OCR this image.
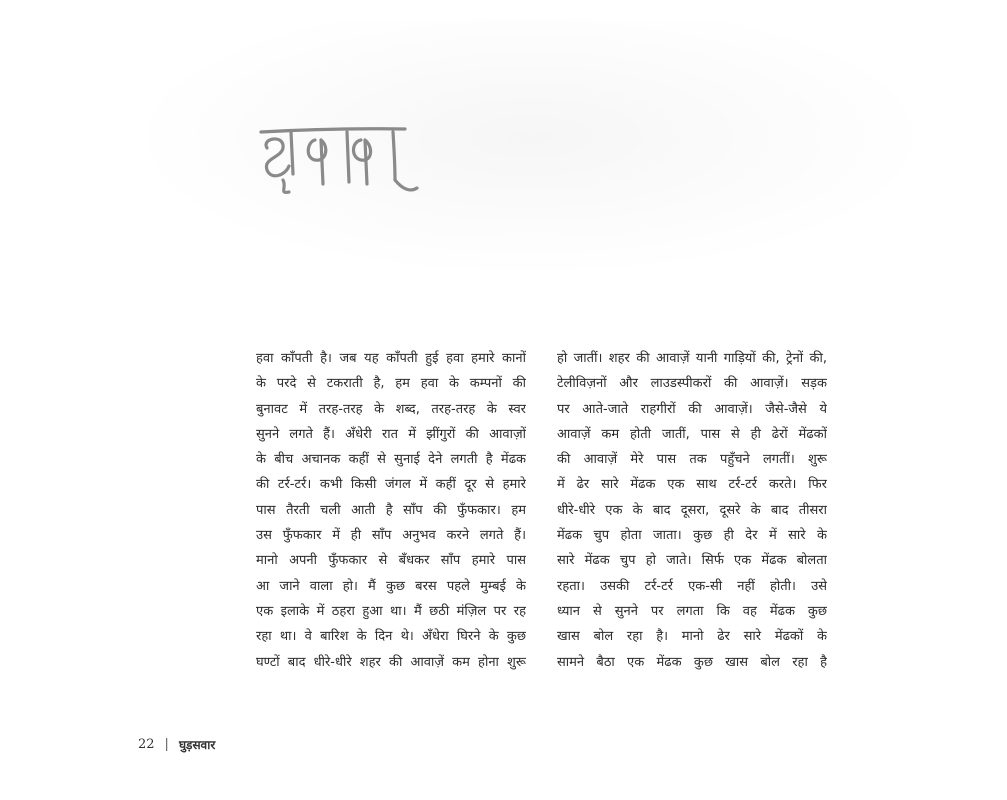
हवा काँपती है। जब यह काँपती हुई हवा हमारे कानों
के परदे से टकराती है, हम हवा के कम्पनों की
बुनावट में तरह-तरह के शब्द, तरह-तरह के स्वर
सुनने लगते हैं। अँधेरी रात में झींगुरों की आवाज़ों
के बीच अचानक कहीं से सुनाई देने लगती है मेंढक
की टर्र-टर्र। कभी किसी जंगल में कहीं दूर से हमारे
पास तैरती चली आती है साँप की फुँफकार। हम
उस फुँफकार में ही साँप अनुभव करने लगते हैं।
मानो अपनी फुँफकार से बँधकर साँप हमारे पास
आ जाने वाला हो। मैं कुछ बरस पहले मुम्बई के
एक इलाके में ठहरा हुआ था। मैं छठी मंज़िल पर रह
रहा था। वे बारिश के दिन थे। अँधेरा घिरने के कुछ
घण्टों बाद धीरे-धीरे शहर की आवाज़ें कम होना शुरू
हो जातीं। शहर की आवाज़ें यानी गाड़ियों की, ट्रेनों की,
टेलीविज़नों और लाउडस्पीकरों की आवाज़ें। सड़क
पर आते-जाते राहगीरों की आवाज़ें। जैसे-जैसे ये
आवाज़ें कम होती जातीं, पास से ही ढेरों मेंढकों
की आवाज़ें मेरे पास तक पहुँचने लगतीं। शुरू
में ढेर सारे मेंढक एक साथ टर्र-टर्र करते। फिर
धीरे-धीरे एक के बाद दूसरा, दूसरे के बाद तीसरा
मेंढक चुप होता जाता। कुछ ही देर में सारे के
सारे मेंढक चुप हो जाते। सिर्फ एक मेंढक बोलता
रहता। उसकी टर्र-टर्र एक-सी नहीं होती। उसे
ध्यान से सुनने पर लगता कि वह मेंढक कुछ
खास बोल रहा है। मानो ढेर सारे मेंढकों के
सामने बैठा एक मेंढक कुछ खास बोल रहा है
22 | घुड़सवार
